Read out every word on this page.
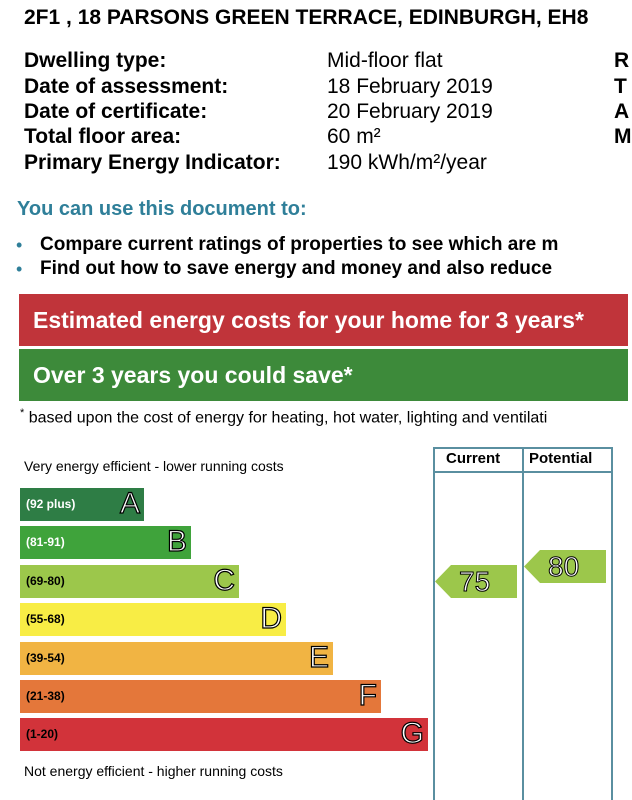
2F1 , 18 PARSONS GREEN TERRACE, EDINBURGH, EH8
Dwelling type:	Mid-floor flat	R
Date of assessment:	18 February 2019	T
Date of certificate:	20 February 2019	A
Total floor area:	60 m²	M
Primary Energy Indicator: 190 kWh/m²/year
You can use this document to:
• Compare current ratings of properties to see which are m
• Find out how to save energy and money and also reduce
Estimated energy costs for your home for 3 years*
Over 3 years you could save*
* based upon the cost of energy for heating, hot water, lighting and ventilati
Very energy efficient - lower running costs
Not energy efficient - higher running costs
Current Potential
(92 plus) A
(81-91)	B
(69-80)	C
(55-68)	D
(39-54)	E
(21-38)	F
(1-20)	G
75 80
